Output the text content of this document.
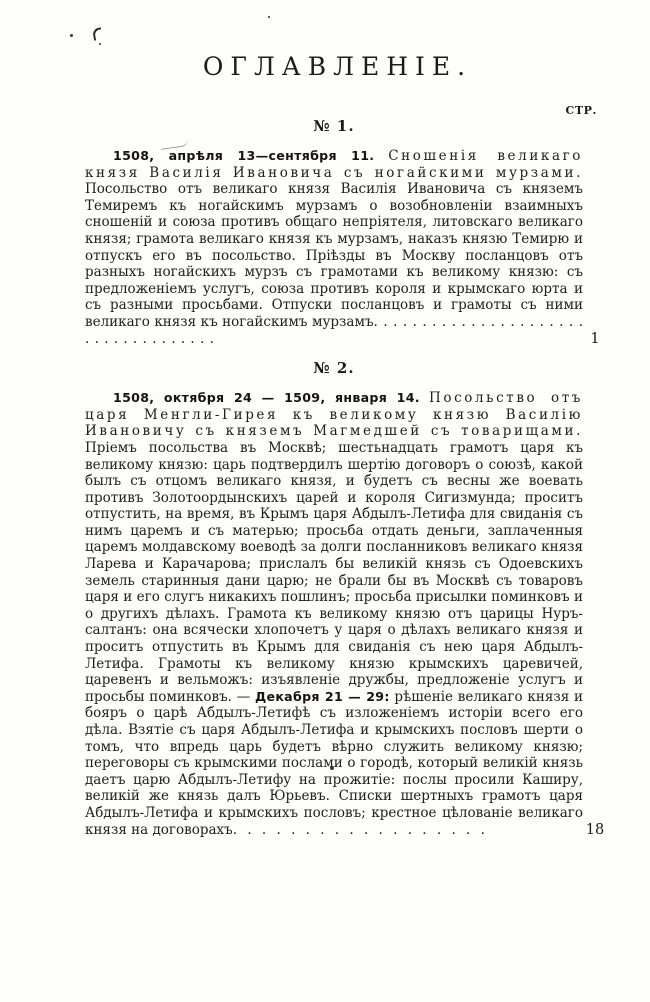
ОГЛАВЛЕНІЕ.
СТР.
№ 1.

1508, апрѣля 13—сентября 11. Сношенія великаго князя Василія Ивановича съ ногайскими мурзами. Посольство отъ великаго князя Василія Ивановича съ княземъ Темиремъ къ ногайскимъ мурзамъ о возобновленіи взаимныхъ сношеній и союза противъ общаго непріятеля, литовскаго великаго князя; грамота великаго князя къ мурзамъ, наказъ князю Темирю и отпускъ его въ посольство. Пріѣзды въ Москву посланцовъ отъ разныхъ ногайскихъ мурзъ съ грамотами къ великому князю: съ предложеніемъ услугъ, союза противъ короля и крымскаго юрта и съ разными просьбами. Отпуски посланцовъ и грамоты съ ними великаго князя къ ногайскимъ мурзамъ. . . . . . . . . . . . . . . . . . . . . . . . . . . . . . . . . . . .	1

№ 2.

1508, октября 24 — 1509, января 14. Посольство отъ царя Менгли-Гирея къ великому князю Василію Ивановичу съ княземъ Магмедшей съ товарищами. Пріемъ посольства въ Москвѣ; шестьнадцать грамотъ царя къ великому князю: царь подтвердилъ шертію договоръ о союзѣ, какой былъ съ отцомъ великаго князя, и будетъ съ весны же воевать противъ Золотоордынскихъ царей и короля Сигизмунда; проситъ отпустить, на время, въ Крымъ царя Абдылъ-Летифа для свиданія съ нимъ царемъ и съ матерью; просьба отдать деньги, заплаченныя царемъ молдавскому воеводѣ за долги посланниковъ великаго князя Ларева и Карачарова; прислалъ бы великій князь съ Одоевскихъ земель старинныя дани царю; не брали бы въ Москвѣ съ товаровъ царя и его слугъ никакихъ пошлинъ; просьба присылки поминковъ и о другихъ дѣлахъ. Грамота къ великому князю отъ царицы Нуръ-салтанъ: она всячески хлопочетъ у царя о дѣлахъ великаго князя и проситъ отпустить въ Крымъ для свиданія съ нею царя Абдылъ-Летифа. Грамоты къ великому князю крымскихъ царевичей, царевенъ и вельможъ: изъявленіе дружбы, предложеніе услугъ и просьбы поминковъ. — Декабря 21 — 29: рѣшеніе великаго князя и бояръ о царѣ Абдылъ-Летифѣ съ изложеніемъ исторіи всего его дѣла. Взятіе съ царя Абдылъ-Летифа и крымскихъ пословъ шерти о томъ, что впредь царь будетъ вѣрно служить великому князю; переговоры съ крымскими послами о городѣ, который великій князь даетъ царю Абдылъ-Летифу на прожитіе: послы просили Каширу, великій же князь далъ Юрьевъ. Списки шертныхъ грамотъ царя Абдылъ-Летифа и крымскихъ пословъ; крестное цѣлованіе великаго князя на договорахъ. . . . . . . . . . . . . . . . . .	18
